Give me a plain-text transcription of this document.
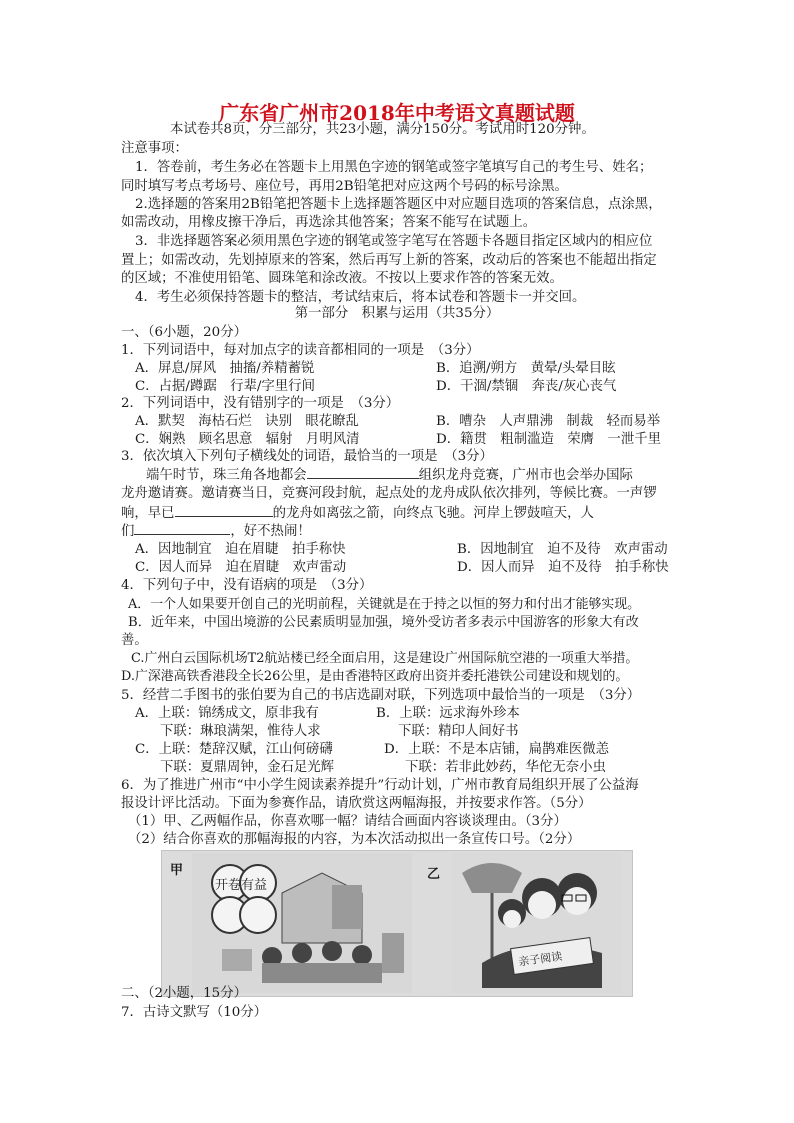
广东省广州市2018年中考语文真题试题
本试卷共8页，分三部分，共23小题，满分150分。考试用时120分钟。
注意事项：
1．答卷前，考生务必在答题卡上用黑色字迹的钢笔或签字笔填写自己的考生号、姓名；
同时填写考点考场号、座位号，再用2B铅笔把对应这两个号码的标号涂黑。
2.选择题的答案用2B铅笔把答题卡上选择题答题区中对应题目选项的答案信息，点涂黑，
如需改动，用橡皮擦干净后，再选涂其他答案；答案不能写在试题上。
3．非选择题答案必须用黑色字迹的钢笔或签字笔写在答题卡各题目指定区域内的相应位
置上；如需改动，先划掉原来的答案，然后再写上新的答案，改动后的答案也不能超出指定
的区域；不准使用铅笔、圆珠笔和涂改液。不按以上要求作答的答案无效。
4．考生必须保持答题卡的整洁，考试结束后，将本试卷和答题卡一并交回。
第一部分　积累与运用（共35分）
一、（6小题，20分）
1．下列词语中，每对加点字的读音都相同的一项是　（3分）
A．屏息/屏风　抽搐/养精蓄锐	B．追溯/朔方　黄晕/头晕目眩
C．占据/蹲踞　行辈/字里行间	D．干涸/禁锢　奔丧/灰心丧气
2．下列词语中，没有错别字的一项是　（3分）
A．默契　海枯石烂　诀别　眼花瞭乱	B．嘈杂　人声鼎沸　制裁　轻而易举
C．娴熟　顾名思意　辐射　月明风清	D．籍贯　粗制滥造　荣膺　一泄千里
3．依次填入下列句子横线处的词语，最恰当的一项是　（3分）
端午时节，珠三角各地都会	组织龙舟竞赛，广州市也会举办国际
龙舟邀请赛。邀请赛当日，竞赛河段封航，起点处的龙舟成队依次排列，等候比赛。一声锣
响，早已	的龙舟如离弦之箭，向终点飞驰。河岸上锣鼓喧天，人
们	，好不热闹！
A．因地制宜　迫在眉睫　拍手称快	B．因地制宜　迫不及待　欢声雷动
C．因人而异　迫在眉睫　欢声雷动	D．因人而异　迫不及待　拍手称快
4．下列句子中，没有语病的项是　（3分）
A．一个人如果要开创自己的光明前程，关键就是在于持之以恒的努力和付出才能够实现。
B．近年来，中国出境游的公民素质明显加强，境外受访者多表示中国游客的形象大有改
善。
C.广州白云国际机场T2航站楼已经全面启用，这是建设广州国际航空港的一项重大举措。
D.广深港高铁香港段全长26公里，是由香港特区政府出资并委托港铁公司建设和规划的。
5．经营二手图书的张伯要为自己的书店选副对联，下列选项中最恰当的一项是　（3分）
A．上联：锦绣成文，原非我有	B．上联：远求海外珍本
下联：琳琅满架，惟待人求	下联：精印人间好书
C．上联：楚辞汉赋，江山何磅礴	D．上联：不是本店铺，扁鹊难医微恙
下联：夏鼎周钟，金石足光辉	下联：若非此妙药，华佗无奈小虫
6．为了推进广州市“中小学生阅读素养提升”行动计划，广州市教育局组织开展了公益海
报设计评比活动。下面为参赛作品，请欣赏这两幅海报，并按要求作答。（5分）
（1）甲、乙两幅作品，你喜欢哪一幅？请结合画面内容谈谈理由。（3分）
（2）结合你喜欢的那幅海报的内容，为本次活动拟出一条宣传口号。（2分）
甲
开卷有益
乙
亲子阅读
二、（2小题，15分）
7．古诗文默写（10分）
